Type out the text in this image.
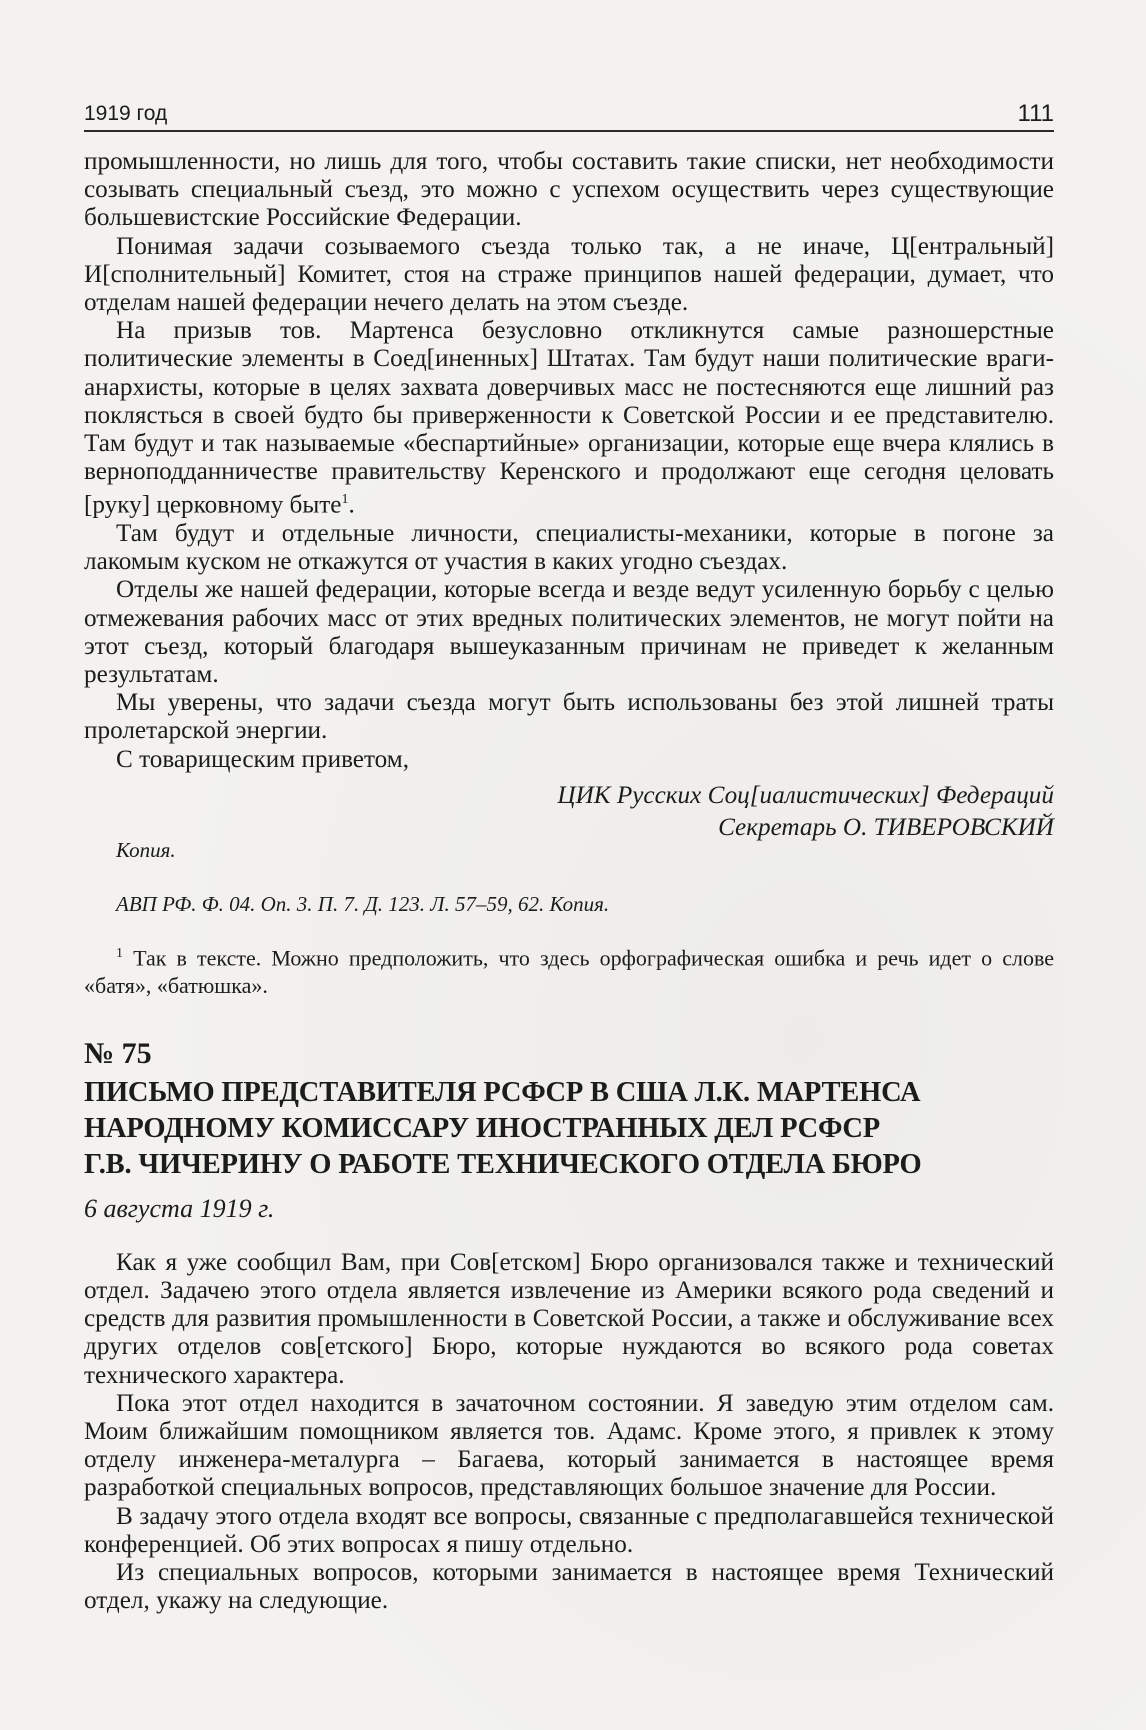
1919 год	111

промышленности, но лишь для того, чтобы составить такие списки, нет необходимости созывать специальный съезд, это можно с успехом осуществить через существующие большевистские Российские Федерации.

Понимая задачи созываемого съезда только так, а не иначе, Ц[ентральный] И[сполнительный] Комитет, стоя на страже принципов нашей федерации, думает, что отделам нашей федерации нечего делать на этом съезде.

На призыв тов. Мартенса безусловно откликнутся самые разношерстные политические элементы в Соед[иненных] Штатах. Там будут наши политические враги-анархисты, которые в целях захвата доверчивых масс не постесняются еще лишний раз поклясться в своей будто бы приверженности к Советской России и ее представителю. Там будут и так называемые «беспартийные» организации, которые еще вчера клялись в верноподданничестве правительству Керенского и продолжают еще сегодня целовать [руку] церковному быте$^1$.

Там будут и отдельные личности, специалисты-механики, которые в погоне за лакомым куском не откажутся от участия в каких угодно съездах.

Отделы же нашей федерации, которые всегда и везде ведут усиленную борьбу с целью отмежевания рабочих масс от этих вредных политических элементов, не могут пойти на этот съезд, который благодаря вышеуказанным причинам не приведет к желанным результатам.

Мы уверены, что задачи съезда могут быть использованы без этой лишней траты пролетарской энергии.

С товарищеским приветом,

ЦИК Русских Соц[иалистических] Федераций
Секретарь О. ТИВЕРОВСКИЙ
Копия.

АВП РФ. Ф. 04. Оп. 3. П. 7. Д. 123. Л. 57–59, 62. Копия.

$^1$ Так в тексте. Можно предположить, что здесь орфографическая ошибка и речь идет о слове «батя», «батюшка».

№ 75

ПИСЬМО ПРЕДСТАВИТЕЛЯ РСФСР В США Л.К. МАРТЕНСА
НАРОДНОМУ КОМИССАРУ ИНОСТРАННЫХ ДЕЛ РСФСР
Г.В. ЧИЧЕРИНУ О РАБОТЕ ТЕХНИЧЕСКОГО ОТДЕЛА БЮРО

6 августа 1919 г.

Как я уже сообщил Вам, при Сов[етском] Бюро организовался также и технический отдел. Задачею этого отдела является извлечение из Америки всякого рода сведений и средств для развития промышленности в Советской России, а также и обслуживание всех других отделов сов[етского] Бюро, которые нуждаются во всякого рода советах технического характера.

Пока этот отдел находится в зачаточном состоянии. Я заведую этим отделом сам. Моим ближайшим помощником является тов. Адамс. Кроме этого, я привлек к этому отделу инженера-металурга – Багаева, который занимается в настоящее время разработкой специальных вопросов, представляющих большое значение для России.

В задачу этого отдела входят все вопросы, связанные с предполагавшейся технической конференцией. Об этих вопросах я пишу отдельно.

Из специальных вопросов, которыми занимается в настоящее время Технический отдел, укажу на следующие.
